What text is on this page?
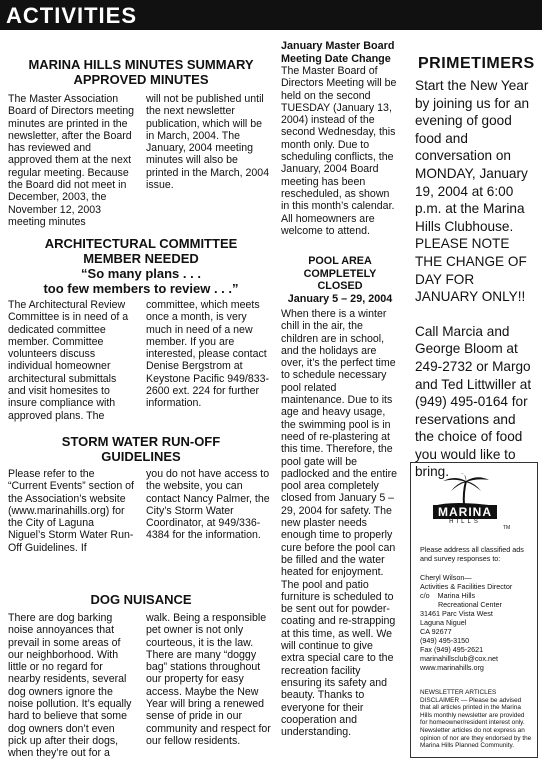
ACTIVITIES
MARINA HILLS MINUTES SUMMARY
APPROVED MINUTES
The Master Association Board of Directors meeting minutes are printed in the newsletter, after the Board has reviewed and approved them at the next regular meeting. Because the Board did not meet in December, 2003, the November 12, 2003 meeting minutes
will not be published until the next newsletter publication, which will be in March, 2004. The January, 2004 meeting minutes will also be printed in the March, 2004 issue.
ARCHITECTURAL COMMITTEE
MEMBER NEEDED
“So many plans . . .
too few members to review . . .”
The Architectural Review Committee is in need of a dedicated committee member. Committee volunteers discuss individual homeowner architectural submittals and visit homesites to insure compliance with approved plans. The
committee, which meets once a month, is very much in need of a new member. If you are interested, please contact Denise Bergstrom at Keystone Pacific 949/833-2600 ext. 224 for further information.
STORM WATER RUN-OFF
GUIDELINES
Please refer to the “Current Events” section of the Association’s website (www.marinahills.org) for the City of Laguna Niguel’s Storm Water Run-Off Guidelines. If
you do not have access to the website, you can contact Nancy Palmer, the City’s Storm Water Coordinator, at 949/336-4384 for the information.
DOG NUISANCE
There are dog barking noise annoyances that prevail in some areas of our neighborhood. With little or no regard for nearby residents, several dog owners ignore the noise pollution. It’s equally hard to believe that some dog owners don’t even pick up after their dogs, when they’re out for a
walk. Being a responsible pet owner is not only courteous, it is the law. There are many “doggy bag” stations throughout our property for easy access. Maybe the New Year will bring a renewed sense of pride in our community and respect for our fellow residents.
January Master Board
Meeting Date Change

The Master Board of Directors Meeting will be held on the second TUESDAY (January 13, 2004) instead of the second Wednesday, this month only. Due to scheduling conflicts, the January, 2004 Board meeting has been rescheduled, as shown in this month’s calendar. All homeowners are welcome to attend.

POOL AREA
COMPLETELY
CLOSED
January 5 – 29, 2004

When there is a winter chill in the air, the children are in school, and the holidays are over, it’s the perfect time to schedule necessary pool related maintenance. Due to its age and heavy usage, the swimming pool is in need of re-plastering at this time. Therefore, the pool gate will be padlocked and the entire pool area completely closed from January 5 – 29, 2004 for safety. The new plaster needs enough time to properly cure before the pool can be filled and the water heated for enjoyment. The pool and patio furniture is scheduled to be sent out for powder-coating and re-strapping at this time, as well. We will continue to give extra special care to the recreation facility ensuring its safety and beauty. Thanks to everyone for their cooperation and understanding.

PRIMETIMERS

Start the New Year by joining us for an evening of good food and conversation on MONDAY, January 19, 2004 at 6:00 p.m. at the Marina Hills Clubhouse. PLEASE NOTE THE CHANGE OF DAY FOR JANUARY ONLY!!

Call Marcia and George Bloom at 249-2732 or Margo and Ted Littwiller at (949) 495-0164 for reservations and the choice of food you would like to bring.

MARINA
HILLS
TM
Please address all classified ads and survey responses to:
Cheryl Wilson—
Activities & Facilities Director
c/o    Marina Hills
Recreational Center
31461 Parc Vista West
Laguna Niguel
CA 92677
(949) 495-3150
Fax (949) 495-2621
marinahillsclub@cox.net
www.marinahills.org
NEWSLETTER ARTICLES DISCLAIMER — Please be advised that all articles printed in the Marina Hills monthly newsletter are provided for homeowner/resident interest only. Newsletter articles do not express an opinion of nor are they endorsed by the Marina Hills Planned Community.
